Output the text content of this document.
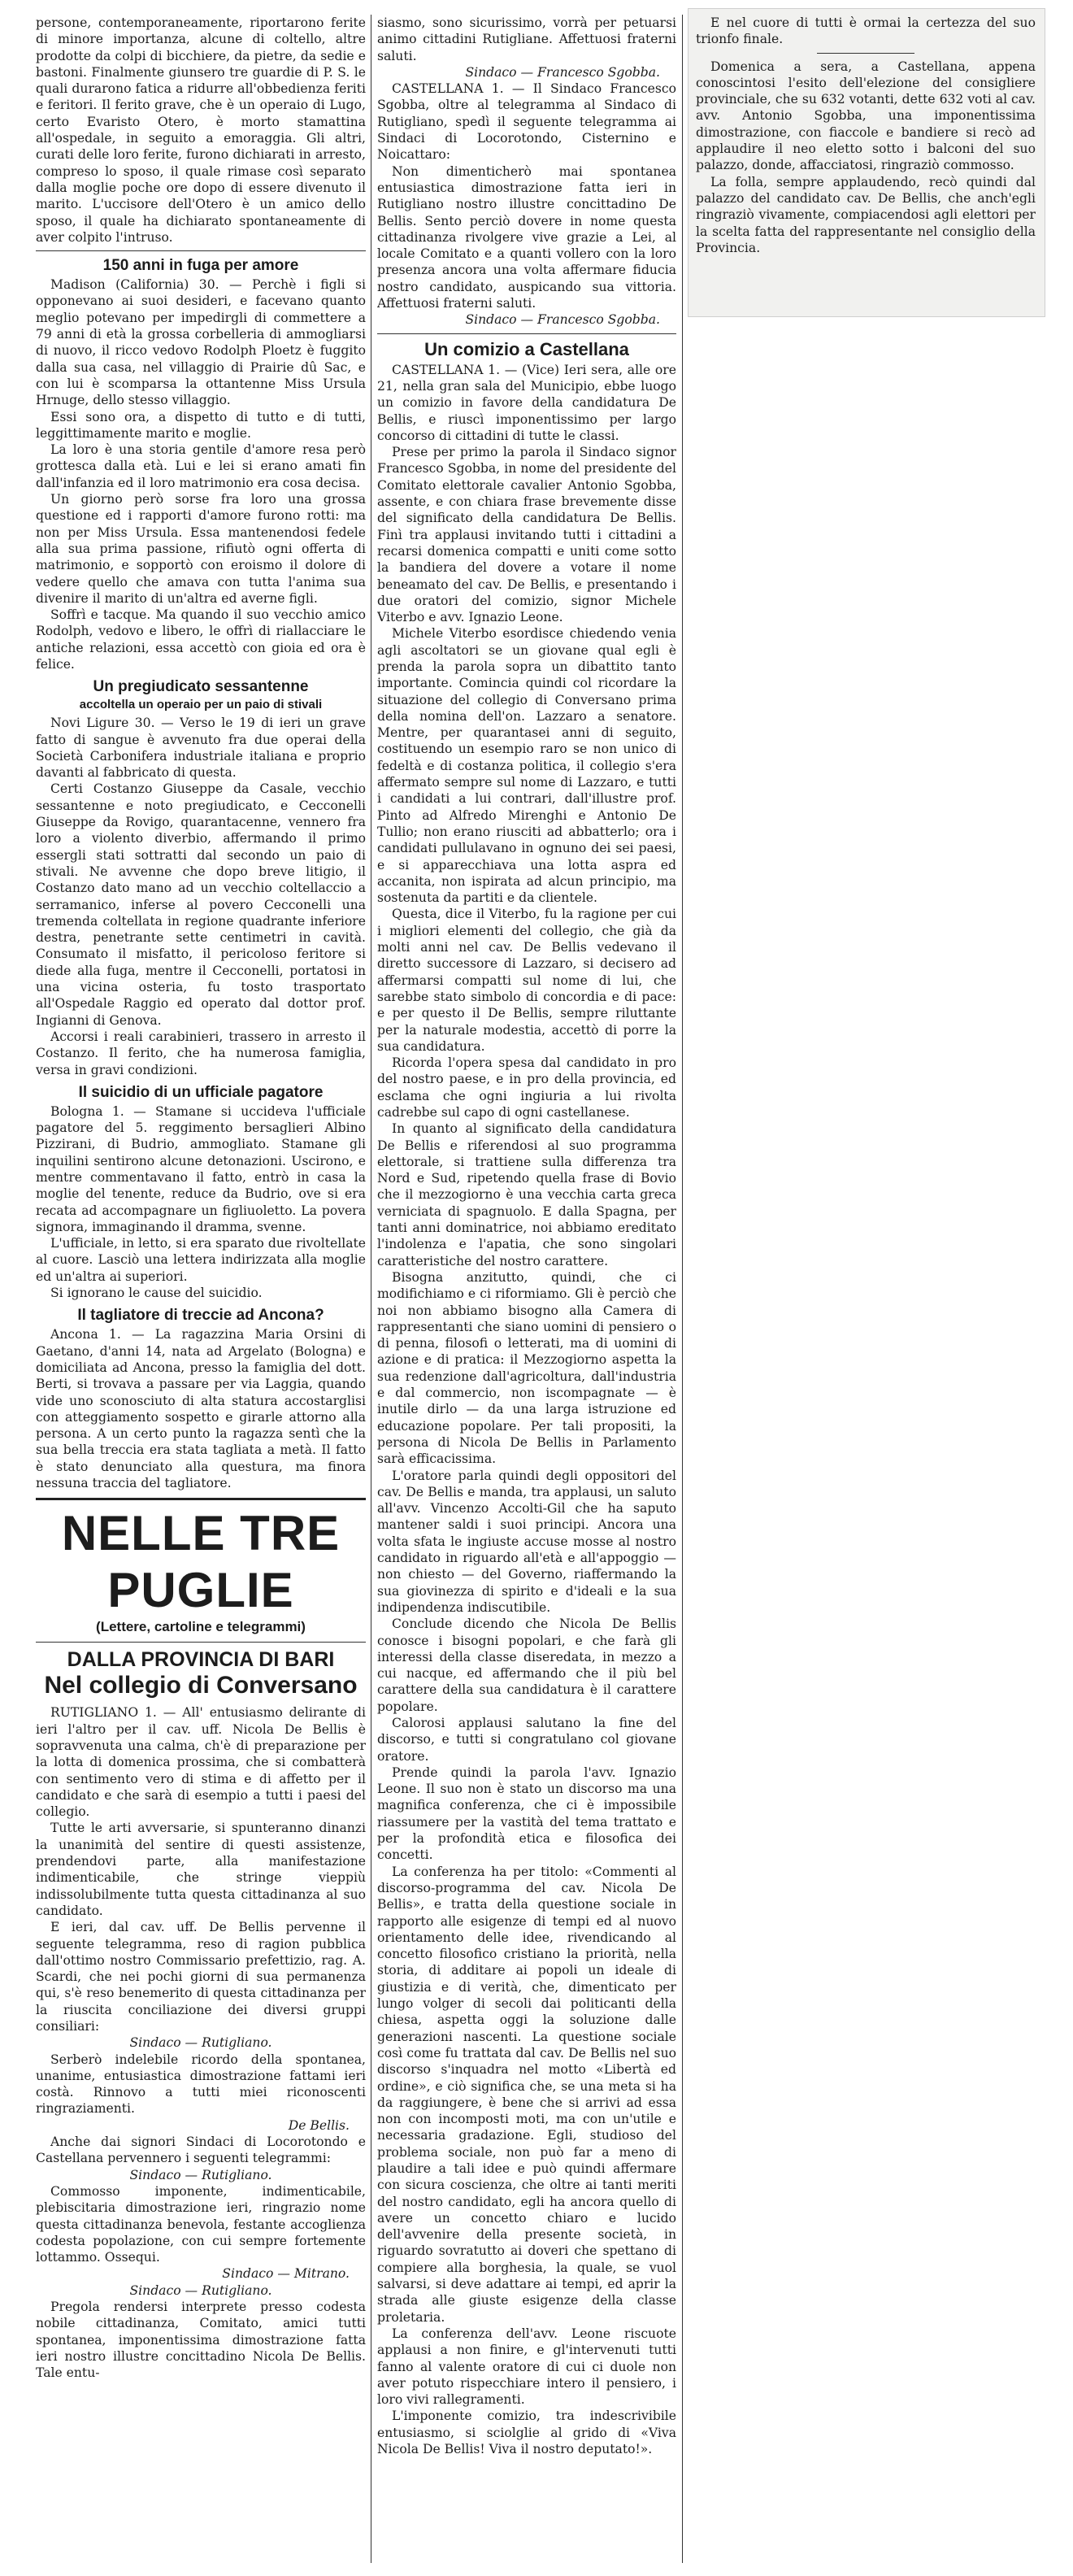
persone, contemporaneamente, riportarono ferite di minore importanza, alcune di coltello, altre prodotte da colpi di bicchiere, da pietre, da sedie e bastoni. Finalmente giunsero tre guardie di P. S. le quali durarono fatica a ridurre all'obbedienza feriti e feritori. Il ferito grave, che è un operaio di Lugo, certo Evaristo Otero, è morto stamattina all'ospedale, in seguito a emoraggia. Gli altri, curati delle loro ferite, furono dichiarati in arresto, compreso lo sposo, il quale rimase così separato dalla moglie poche ore dopo di essere divenuto il marito. L'uccisore dell'Otero è un amico dello sposo, il quale ha dichiarato spontaneamente di aver colpito l'intruso.

150 anni in fuga per amore

Madison (California) 30. — Perchè i figli si opponevano ai suoi desideri, e facevano quanto meglio potevano per impedirgli di commettere a 79 anni di età la grossa corbelleria di ammogliarsi di nuovo, il ricco vedovo Rodolph Ploetz è fuggito dalla sua casa, nel villaggio di Prairie dû Sac, e con lui è scomparsa la ottantenne Miss Ursula Hrnuge, dello stesso villaggio.

Essi sono ora, a dispetto di tutto e di tutti, leggittimamente marito e moglie.

La loro è una storia gentile d'amore resa però grottesca dalla età. Lui e lei si erano amati fin dall'infanzia ed il loro matrimonio era cosa decisa.

Un giorno però sorse fra loro una grossa questione ed i rapporti d'amore furono rotti: ma non per Miss Ursula. Essa mantenendosi fedele alla sua prima passione, rifiutò ogni offerta di matrimonio, e sopportò con eroismo il dolore di vedere quello che amava con tutta l'anima sua divenire il marito di un'altra ed averne figli.

Soffrì e tacque. Ma quando il suo vecchio amico Rodolph, vedovo e libero, le offrì di riallacciare le antiche relazioni, essa accettò con gioia ed ora è felice.

Un pregiudicato sessantenne
accoltella un operaio per un paio di stivali

Novi Ligure 30. — Verso le 19 di ieri un grave fatto di sangue è avvenuto fra due operai della Società Carbonifera industriale italiana e proprio davanti al fabbricato di questa.

Certi Costanzo Giuseppe da Casale, vecchio sessantenne e noto pregiudicato, e Cecconelli Giuseppe da Rovigo, quarantacenne, vennero fra loro a violento diverbio, affermando il primo essergli stati sottratti dal secondo un paio di stivali. Ne avvenne che dopo breve litigio, il Costanzo dato mano ad un vecchio coltellaccio a serramanico, inferse al povero Cecconelli una tremenda coltellata in regione quadrante inferiore destra, penetrante sette centimetri in cavità. Consumato il misfatto, il pericoloso feritore si diede alla fuga, mentre il Cecconelli, portatosi in una vicina osteria, fu tosto trasportato all'Ospedale Raggio ed operato dal dottor prof. Ingianni di Genova.

Accorsi i reali carabinieri, trassero in arresto il Costanzo. Il ferito, che ha numerosa famiglia, versa in gravi condizioni.

Il suicidio di un ufficiale pagatore

Bologna 1. — Stamane si uccideva l'ufficiale pagatore del 5. reggimento bersaglieri Albino Pizzirani, di Budrio, ammogliato. Stamane gli inquilini sentirono alcune detonazioni. Uscirono, e mentre commentavano il fatto, entrò in casa la moglie del tenente, reduce da Budrio, ove si era recata ad accompagnare un figliuoletto. La povera signora, immaginando il dramma, svenne.

L'ufficiale, in letto, si era sparato due rivoltellate al cuore. Lasciò una lettera indirizzata alla moglie ed un'altra ai superiori.

Si ignorano le cause del suicidio.

Il tagliatore di treccie ad Ancona?

Ancona 1. — La ragazzina Maria Orsini di Gaetano, d'anni 14, nata ad Argelato (Bologna) e domiciliata ad Ancona, presso la famiglia del dott. Berti, si trovava a passare per via Laggia, quando vide uno sconosciuto di alta statura accostarglisi con atteggiamento sospetto e girarle attorno alla persona. A un certo punto la ragazza sentì che la sua bella treccia era stata tagliata a metà. Il fatto è stato denunciato alla questura, ma finora nessuna traccia del tagliatore.

NELLE TRE PUGLIE
(Lettere, cartoline e telegrammi)
DALLA PROVINCIA DI BARI
Nel collegio di Conversano

RUTIGLIANO 1. — All' entusiasmo delirante di ieri l'altro per il cav. uff. Nicola De Bellis è sopravvenuta una calma, ch'è di preparazione per la lotta di domenica prossima, che si combatterà con sentimento vero di stima e di affetto per il candidato e che sarà di esempio a tutti i paesi del collegio.

Tutte le arti avversarie, si spunteranno dinanzi la unanimità del sentire di questi assistenze, prendendovi parte, alla manifestazione indimenticabile, che stringe vieppiù indissolubilmente tutta questa cittadinanza al suo candidato.

E ieri, dal cav. uff. De Bellis pervenne il seguente telegramma, reso di ragion pubblica dall'ottimo nostro Commissario prefettizio, rag. A. Scardi, che nei pochi giorni di sua permanenza qui, s'è reso benemerito di questa cittadinanza per la riuscita conciliazione dei diversi gruppi consiliari:

Sindaco — Rutigliano.

Serberò indelebile ricordo della spontanea, unanime, entusiastica dimostrazione fattami ieri costà. Rinnovo a tutti miei riconoscenti ringraziamenti.

De Bellis.

Anche dai signori Sindaci di Locorotondo e Castellana pervennero i seguenti telegrammi:

Sindaco — Rutigliano.

Commosso imponente, indimenticabile, plebiscitaria dimostrazione ieri, ringrazio nome questa cittadinanza benevola, festante accoglienza codesta popolazione, con cui sempre fortemente lottammo. Ossequi.

Sindaco — Mitrano.

Sindaco — Rutigliano.

Pregola rendersi interprete presso codesta nobile cittadinanza, Comitato, amici tutti spontanea, imponentissima dimostrazione fatta ieri nostro illustre concittadino Nicola De Bellis. Tale entu-

siasmo, sono sicurissimo, vorrà per petuarsi animo cittadini Rutigliane. Affettuosi fraterni saluti.

Sindaco — Francesco Sgobba.

CASTELLANA 1. — Il Sindaco Francesco Sgobba, oltre al telegramma al Sindaco di Rutigliano, spedì il seguente telegramma ai Sindaci di Locorotondo, Cisternino e Noicattaro:

Non dimenticherò mai spontanea entusiastica dimostrazione fatta ieri in Rutigliano nostro illustre concittadino De Bellis. Sento perciò dovere in nome questa cittadinanza rivolgere vive grazie a Lei, al locale Comitato e a quanti vollero con la loro presenza ancora una volta affermare fiducia nostro candidato, auspicando sua vittoria. Affettuosi fraterni saluti.

Sindaco — Francesco Sgobba.

Un comizio a Castellana

CASTELLANA 1. — (Vice) Ieri sera, alle ore 21, nella gran sala del Municipio, ebbe luogo un comizio in favore della candidatura De Bellis, e riuscì imponentissimo per largo concorso di cittadini di tutte le classi.

Prese per primo la parola il Sindaco signor Francesco Sgobba, in nome del presidente del Comitato elettorale cavalier Antonio Sgobba, assente, e con chiara frase brevemente disse del significato della candidatura De Bellis. Finì tra applausi invitando tutti i cittadini a recarsi domenica compatti e uniti come sotto la bandiera del dovere a votare il nome beneamato del cav. De Bellis, e presentando i due oratori del comizio, signor Michele Viterbo e avv. Ignazio Leone.

Michele Viterbo esordisce chiedendo venia agli ascoltatori se un giovane qual egli è prenda la parola sopra un dibattito tanto importante. Comincia quindi col ricordare la situazione del collegio di Conversano prima della nomina dell'on. Lazzaro a senatore. Mentre, per quarantasei anni di seguito, costituendo un esempio raro se non unico di fedeltà e di costanza politica, il collegio s'era affermato sempre sul nome di Lazzaro, e tutti i candidati a lui contrari, dall'illustre prof. Pinto ad Alfredo Mirenghi e Antonio De Tullio; non erano riusciti ad abbatterlo; ora i candidati pullulavano in ognuno dei sei paesi, e si apparecchiava una lotta aspra ed accanita, non ispirata ad alcun principio, ma sostenuta da partiti e da clientele.

Questa, dice il Viterbo, fu la ragione per cui i migliori elementi del collegio, che già da molti anni nel cav. De Bellis vedevano il diretto successore di Lazzaro, si decisero ad affermarsi compatti sul nome di lui, che sarebbe stato simbolo di concordia e di pace: e per questo il De Bellis, sempre riluttante per la naturale modestia, accettò di porre la sua candidatura.

Ricorda l'opera spesa dal candidato in pro del nostro paese, e in pro della provincia, ed esclama che ogni ingiuria a lui rivolta cadrebbe sul capo di ogni castellanese.

In quanto al significato della candidatura De Bellis e riferendosi al suo programma elettorale, si trattiene sulla differenza tra Nord e Sud, ripetendo quella frase di Bovio che il mezzogiorno è una vecchia carta greca verniciata di spagnuolo. E dalla Spagna, per tanti anni dominatrice, noi abbiamo ereditato l'indolenza e l'apatia, che sono singolari caratteristiche del nostro carattere.

Bisogna anzitutto, quindi, che ci modifichiamo e ci riformiamo. Gli è perciò che noi non abbiamo bisogno alla Camera di rappresentanti che siano uomini di pensiero o di penna, filosofi o letterati, ma di uomini di azione e di pratica: il Mezzogiorno aspetta la sua redenzione dall'agricoltura, dall'industria e dal commercio, non iscompagnate — è inutile dirlo — da una larga istruzione ed educazione popolare. Per tali propositi, la persona di Nicola De Bellis in Parlamento sarà efficacissima.

L'oratore parla quindi degli oppositori del cav. De Bellis e manda, tra applausi, un saluto all'avv. Vincenzo Accolti-Gil che ha saputo mantener saldi i suoi principi. Ancora una volta sfata le ingiuste accuse mosse al nostro candidato in riguardo all'età e all'appoggio — non chiesto — del Governo, riaffermando la sua giovinezza di spirito e d'ideali e la sua indipendenza indiscutibile.

Conclude dicendo che Nicola De Bellis conosce i bisogni popolari, e che farà gli interessi della classe diseredata, in mezzo a cui nacque, ed affermando che il più bel carattere della sua candidatura è il carattere popolare.

Calorosi applausi salutano la fine del discorso, e tutti si congratulano col giovane oratore.

Prende quindi la parola l'avv. Ignazio Leone. Il suo non è stato un discorso ma una magnifica conferenza, che ci è impossibile riassumere per la vastità del tema trattato e per la profondità etica e filosofica dei concetti.

La conferenza ha per titolo: «Commenti al discorso-programma del cav. Nicola De Bellis», e tratta della questione sociale in rapporto alle esigenze di tempi ed al nuovo orientamento delle idee, rivendicando al concetto filosofico cristiano la priorità, nella storia, di additare ai popoli un ideale di giustizia e di verità, che, dimenticato per lungo volger di secoli dai politicanti della chiesa, aspetta oggi la soluzione dalle generazioni nascenti. La questione sociale così come fu trattata dal cav. De Bellis nel suo discorso s'inquadra nel motto «Libertà ed ordine», e ciò significa che, se una meta si ha da raggiungere, è bene che si arrivi ad essa non con incomposti moti, ma con un'utile e necessaria gradazione. Egli, studioso del problema sociale, non può far a meno di plaudire a tali idee e può quindi affermare con sicura coscienza, che oltre ai tanti meriti del nostro candidato, egli ha ancora quello di avere un concetto chiaro e lucido dell'avvenire della presente società, in riguardo sovratutto ai doveri che spettano di compiere alla borghesia, la quale, se vuol salvarsi, si deve adattare ai tempi, ed aprir la strada alle giuste esigenze della classe proletaria.

La conferenza dell'avv. Leone riscuote applausi a non finire, e gl'intervenuti tutti fanno al valente oratore di cui ci duole non aver potuto rispecchiare intero il pensiero, i loro vivi rallegramenti.

L'imponente comizio, tra indescrivibile entusiasmo, si sciolglie al grido di «Viva Nicola De Bellis! Viva il nostro deputato!».

E nel cuore di tutti è ormai la certezza del suo trionfo finale.

Domenica a sera, a Castellana, appena conoscintosi l'esito dell'elezione del consigliere provinciale, che su 632 votanti, dette 632 voti al cav. avv. Antonio Sgobba, una imponentissima dimostrazione, con fiaccole e bandiere si recò ad applaudire il neo eletto sotto i balconi del suo palazzo, donde, affacciatosi, ringraziò commosso.

La folla, sempre applaudendo, recò quindi dal palazzo del candidato cav. De Bellis, che anch'egli ringraziò vivamente, compiacendosi agli elettori per la scelta fatta del rappresentante nel consiglio della Provincia.
